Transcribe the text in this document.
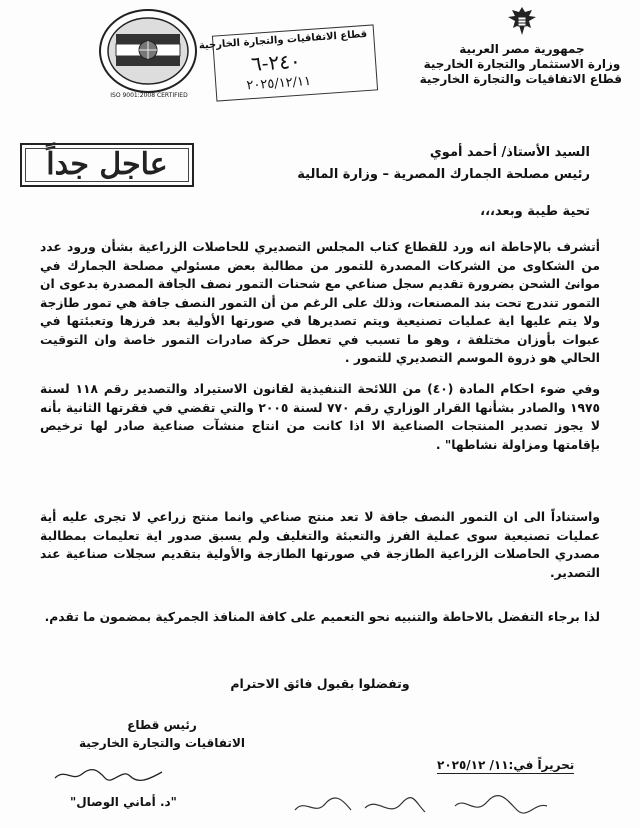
جمهورية مصر العربية
وزارة الاستثمار والتجارة الخارجية
قطاع الاتفاقيات والتجارة الخارجية
قطاع الاتفاقيات والتجارة الخارجية
٢٤٠-٦
٢٠٢٥/١٢/١١
ISO 9001:2008 CERTIFIED
عاجل جداً	السيد الأستاذ/ أحمد أموي
رئيس مصلحة الجمارك المصرية – وزارة المالية
تحية طيبة وبعد،،،
أتشرف بالإحاطة انه ورد للقطاع كتاب المجلس التصديري للحاصلات الزراعية بشأن ورود عدد من الشكاوى من الشركات المصدرة للتمور من مطالبة بعض مسئولي مصلحة الجمارك في موانئ الشحن بضرورة تقديم سجل صناعي مع شحنات التمور نصف الجافة المصدرة بدعوى ان التمور تندرج تحت بند المصنعات، وذلك على الرغم من أن التمور النصف جافة هي تمور طازجة ولا يتم عليها اية عمليات تصنيعية ويتم تصديرها في صورتها الأولية بعد فرزها وتعبئتها في عبوات بأوزان مختلفة ، وهو ما تسبب في تعطل حركة صادرات التمور خاصة وان التوقيت الحالي هو ذروة الموسم التصديري للتمور .
وفي ضوء احكام المادة (٤٠) من اللائحة التنفيذية لقانون الاستيراد والتصدير رقم ١١٨ لسنة ١٩٧٥ والصادر بشأنها القرار الوزاري رقم ٧٧٠ لسنة ٢٠٠٥ والتي تقضي في فقرتها الثانية بأنه لا يجوز تصدير المنتجات الصناعية الا اذا كانت من انتاج منشآت صناعية صادر لها ترخيص بإقامتها ومزاولة نشاطها" .
واستناداً الى ان التمور النصف جافة لا تعد منتج صناعي وانما منتج زراعي لا تجرى عليه أية عمليات تصنيعية سوى عملية الفرز والتعبئة والتغليف ولم يسبق صدور اية تعليمات بمطالبة مصدري الحاصلات الزراعية الطازجة في صورتها الطازجة والأولية بتقديم سجلات صناعية عند التصدير.
لذا برجاء التفضل بالاحاطة والتنبيه نحو التعميم على كافة المنافذ الجمركية بمضمون ما تقدم.
وتفضلوا بقبول فائق الاحترام
رئيس قطاع
الاتفاقيات والتجارة الخارجية
"د. أماني الوصال"
تحريراً في:١١/ ٢٠٢٥/١٢
